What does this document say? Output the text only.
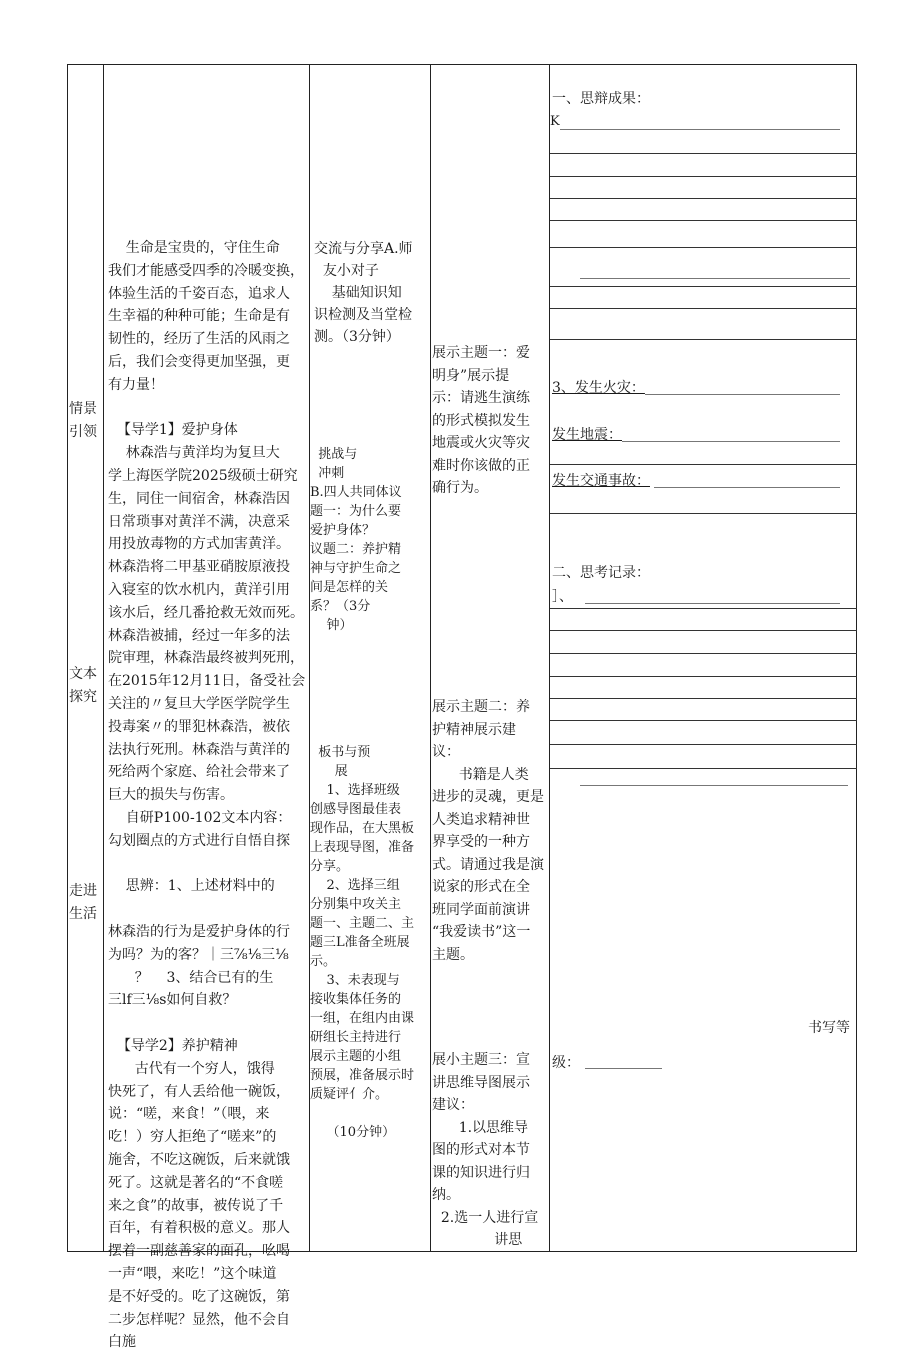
情景
引领
文本
探究
走进
生活
生命是宝贵的，守住生命
我们才能感受四季的冷暖变换，
体验生活的千姿百态，追求人
生幸福的种种可能；生命是有
韧性的，经历了生活的风雨之
后，我们会变得更加坚强，更
有力量！
【导学1】爱护身体
林森浩与黄洋均为复旦大
学上海医学院2025级硕士研究
生，同住一间宿舍，林森浩因
日常琐事对黄洋不满，决意采
用投放毒物的方式加害黄洋。
林森浩将二甲基亚硝胺原液投
入寝室的饮水机内，黄洋引用
该水后，经几番抢救无效而死。
林森浩被捕，经过一年多的法
院审理，林森浩最终被判死刑，
在2015年12月11日，备受社会
关注的〃复旦大学医学院学生
投毒案〃的罪犯林森浩，被依
法执行死刑。林森浩与黄洋的
死给两个家庭、给社会带来了
巨大的损失与伤害。
自研P100-102文本内容：
勾划圈点的方式进行自悟自探
思辨：1、上述材料中的
林森浩的行为是爱护身体的行
为吗？为的客？｜三⅞⅛三⅛
？    3、结合已有的生
三lf三⅛s如何自救？
【导学2】养护精神
古代有一个穷人，饿得
快死了，有人丢给他一碗饭，
说：“嗟，来食！”（喂，来
吃！）穷人拒绝了“嗟来”的
施舍，不吃这碗饭，后来就饿
死了。这就是著名的“不食嗟
来之食”的故事，被传说了千
百年，有着积极的意义。那人
摆着一副慈善家的面孔，吆喝
一声“喂，来吃！”这个味道
是不好受的。吃了这碗饭，第
二步怎样呢？显然，他不会自
白施
交流与分享A.师
友小对子
基础知识知
识检测及当堂检
测。（3分钟）
挑战与
冲刺
B.四人共同体议
题一：为什么要
爱护身体？
议题二：养护精
神与守护生命之
间是怎样的关
系？（3分
钟）
板书与预
展
1、选择班级
创感导图最佳表
现作品，在大黑板
上表现导图，准备
分享。
2、选择三组
分别集中攻关主
题一、主题二、主
题三L准备全班展
示。
3、未表现与
接收集体任务的
一组，在组内由课
研组长主持进行
展示主题的小组
预展，准备展示时
质疑评亻介。
（10分钟）
展示主题一：爱
明身”展示提
示：请逃生演练
的形式模拟发生
地震或火灾等灾
难时你该做的正
确行为。
展示主题二：养
护精神展示建
议：
书籍是人类
进步的灵魂，更是
人类追求精神世
界享受的一种方
式。请通过我是演
说家的形式在全
班同学面前演讲
“我爱读书”这一
主题。
展小主题三：宣
讲思维导图展示
建议：
1.以思维导
图的形式对本节
课的知识进行归
纳。
2.选一人进行宣
讲思
一、思辩成果：
K
3、发生火灾：
发生地震：
发生交通事故：
二、思考记录：
］、
书写等
级：
